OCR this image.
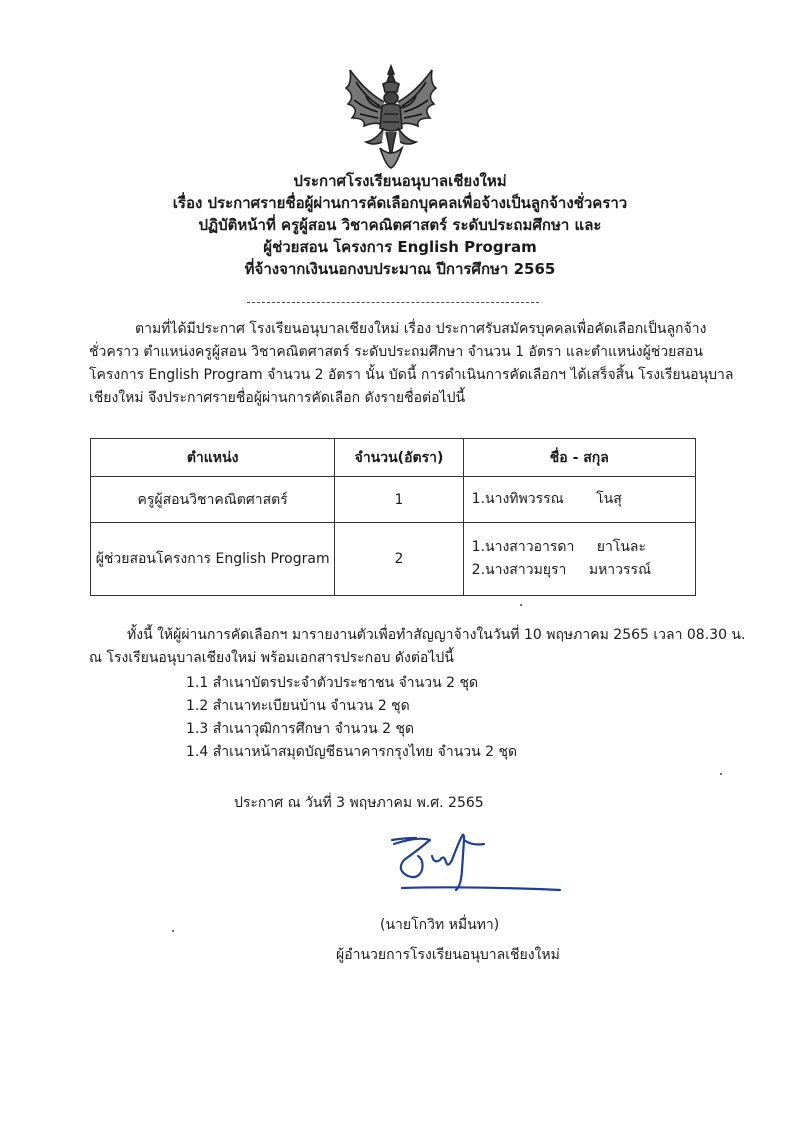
ประกาศโรงเรียนอนุบาลเชียงใหม่
เรื่อง ประกาศรายชื่อผู้ผ่านการคัดเลือกบุคคลเพื่อจ้างเป็นลูกจ้างชั่วคราว
ปฏิบัติหน้าที่ ครูผู้สอน วิชาคณิตศาสตร์ ระดับประถมศึกษา และ
ผู้ช่วยสอน โครงการ English Program
ที่จ้างจากเงินนอกงบประมาณ ปีการศึกษา 2565
ตามที่ได้มีประกาศ โรงเรียนอนุบาลเชียงใหม่ เรื่อง ประกาศรับสมัครบุคคลเพื่อคัดเลือกเป็นลูกจ้าง
ชั่วคราว ตำแหน่งครูผู้สอน วิชาคณิตศาสตร์ ระดับประถมศึกษา จำนวน 1 อัตรา และตำแหน่งผู้ช่วยสอน
โครงการ English Program จำนวน 2 อัตรา นั้น บัดนี้ การดำเนินการคัดเลือกฯ ได้เสร็จสิ้น โรงเรียนอนุบาล
เชียงใหม่ จึงประกาศรายชื่อผู้ผ่านการคัดเลือก ดังรายชื่อต่อไปนี้
ตำแหน่ง	จำนวน(อัตรา)	ชื่อ - สกุล
ครูผู้สอนวิชาคณิตศาสตร์	1	1.นางทิพวรรณ โนสุ

ผู้ช่วยสอนโครงการ English Program	2	1.นางสาวอารดา ยาโนละ
2.นางสาวมยุรา มหาวรรณ์
ทั้งนี้ ให้ผู้ผ่านการคัดเลือกฯ มารายงานตัวเพื่อทำสัญญาจ้างในวันที่ 10 พฤษภาคม 2565 เวลา 08.30 น.
ณ โรงเรียนอนุบาลเชียงใหม่ พร้อมเอกสารประกอบ ดังต่อไปนี้
1.1 สำเนาบัตรประจำตัวประชาชน จำนวน 2 ชุด
1.2 สำเนาทะเบียนบ้าน จำนวน 2 ชุด
1.3 สำเนาวุฒิการศึกษา จำนวน 2 ชุด
1.4 สำเนาหน้าสมุดบัญชีธนาคารกรุงไทย จำนวน 2 ชุด
ประกาศ ณ วันที่ 3 พฤษภาคม พ.ศ. 2565
(นายโกวิท หมื่นทา)
ผู้อำนวยการโรงเรียนอนุบาลเชียงใหม่
